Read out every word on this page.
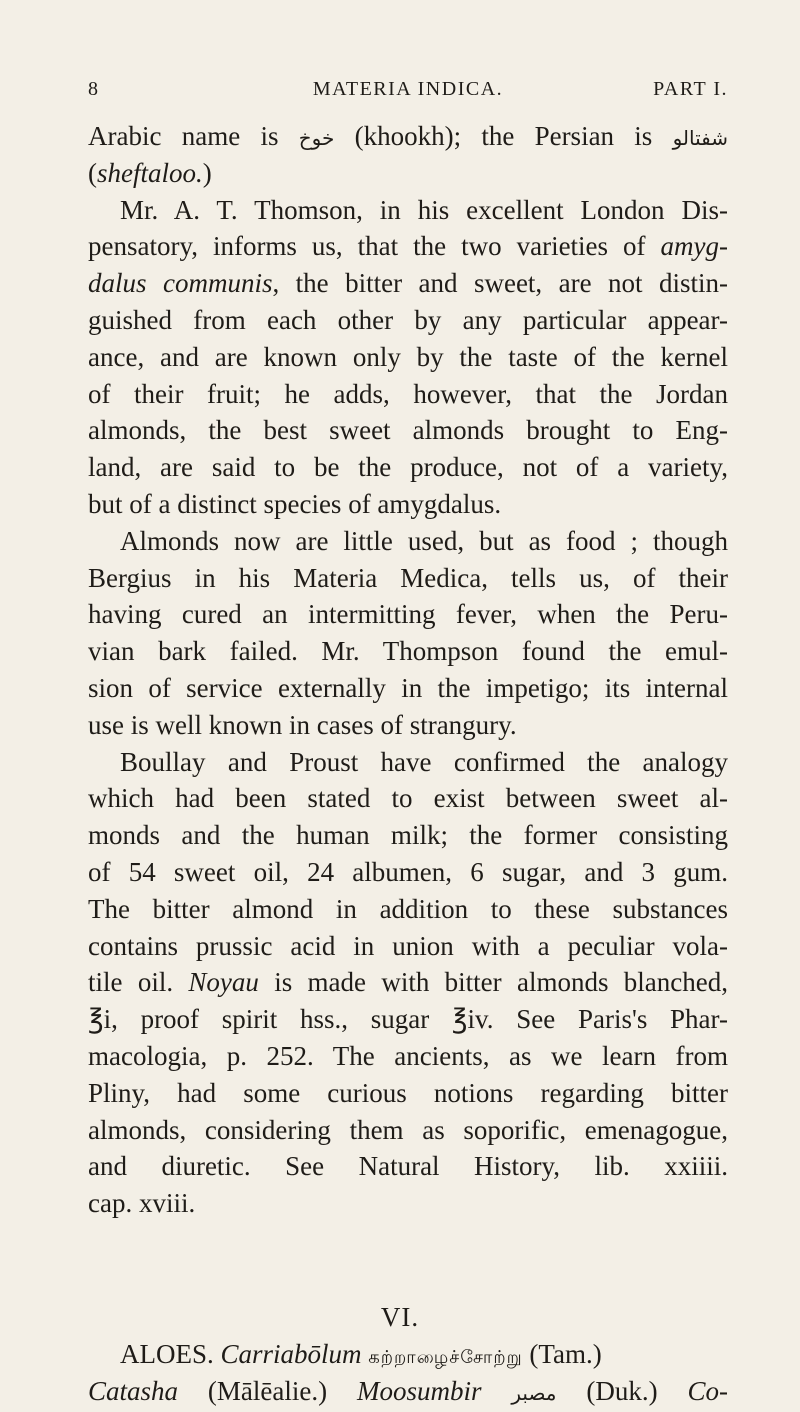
8	MATERIA INDICA.	PART I.
Arabic name is خوخ (khookh); the Persian is شفتالو
(sheftaloo.)
Mr. A. T. Thomson, in his excellent London Dis-
pensatory, informs us, that the two varieties of amyg-
dalus communis, the bitter and sweet, are not distin-
guished from each other by any particular appear-
ance, and are known only by the taste of the kernel
of their fruit; he adds, however, that the Jordan
almonds, the best sweet almonds brought to Eng-
land, are said to be the produce, not of a variety,
but of a distinct species of amygdalus.
Almonds now are little used, but as food ; though
Bergius in his Materia Medica, tells us, of their
having cured an intermitting fever, when the Peru-
vian bark failed. Mr. Thompson found the emul-
sion of service externally in the impetigo; its internal
use is well known in cases of strangury.
Boullay and Proust have confirmed the analogy
which had been stated to exist between sweet al-
monds and the human milk; the former consisting
of 54 sweet oil, 24 albumen, 6 sugar, and 3 gum.
The bitter almond in addition to these substances
contains prussic acid in union with a peculiar vola-
tile oil. Noyau is made with bitter almonds blanched,
℥i, proof spirit hss., sugar ℥iv. See Paris's Phar-
macologia, p. 252. The ancients, as we learn from
Pliny, had some curious notions regarding bitter
almonds, considering them as soporific, emenagogue,
and diuretic. See Natural History, lib. xxiiii.
cap. xviii.
VI.
ALOES. Carriabōlum கற்றாழைச்சோற்று (Tam.)
Catasha (Mālēalie.) Moosumbir مصبر (Duk.) Co-
